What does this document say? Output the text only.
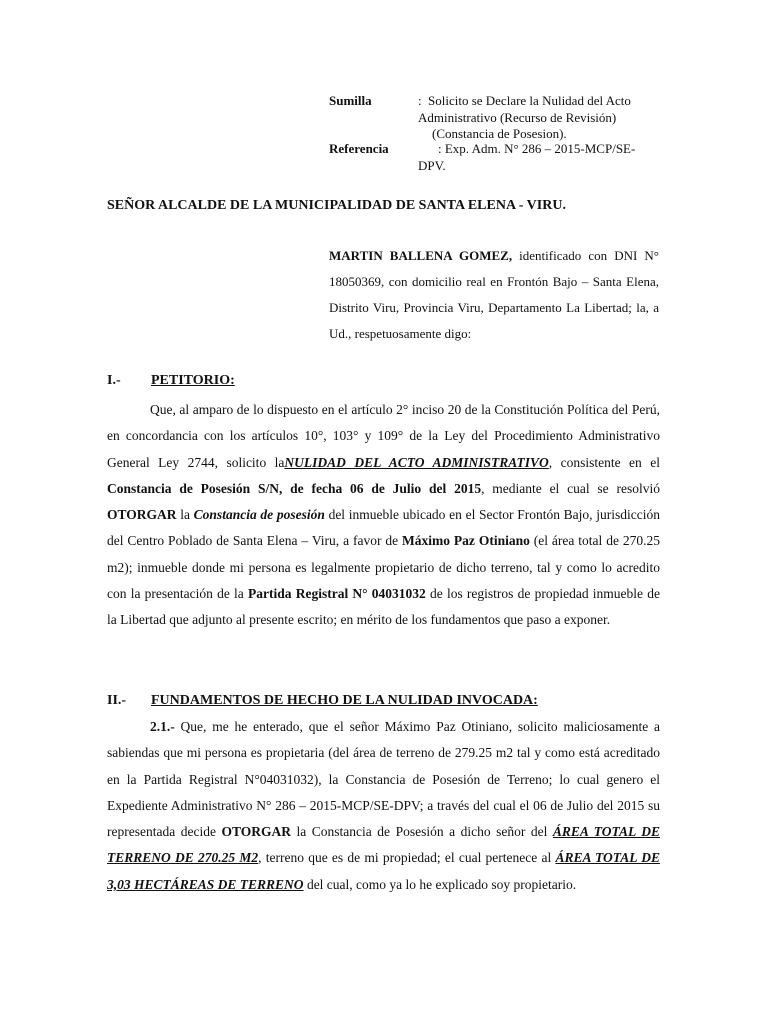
Sumilla	: Solicito se Declare la Nulidad del Acto
Administrativo (Recurso de Revisión)
(Constancia de Posesion).
Referencia	: Exp. Adm. N° 286 – 2015-MCP/SE-
DPV.
SEÑOR ALCALDE DE LA MUNICIPALIDAD DE SANTA ELENA - VIRU.
MARTIN BALLENA GOMEZ, identificado con DNI N° 18050369, con domicilio real en Frontón Bajo – Santa Elena, Distrito Viru, Provincia Viru, Departamento La Libertad; la, a Ud., respetuosamente digo:
I.- PETITORIO:

Que, al amparo de lo dispuesto en el artículo 2° inciso 20 de la Constitución Política del Perú, en concordancia con los artículos 10°, 103° y 109° de la Ley del Procedimiento Administrativo General Ley 2744, solicito laNULIDAD DEL ACTO ADMINISTRATIVO, consistente en el Constancia de Posesión S/N, de fecha 06 de Julio del 2015, mediante el cual se resolvió OTORGAR la Constancia de posesión del inmueble ubicado en el Sector Frontón Bajo, jurisdicción del Centro Poblado de Santa Elena – Viru, a favor de Máximo Paz Otiniano (el área total de 270.25 m2); inmueble donde mi persona es legalmente propietario de dicho terreno, tal y como lo acredito con la presentación de la Partida Registral N° 04031032 de los registros de propiedad inmueble de la Libertad que adjunto al presente escrito; en mérito de los fundamentos que paso a exponer.

II.- FUNDAMENTOS DE HECHO DE LA NULIDAD INVOCADA:

2.1.- Que, me he enterado, que el señor Máximo Paz Otiniano, solicito maliciosamente a sabiendas que mi persona es propietaria (del área de terreno de 279.25 m2 tal y como está acreditado en la Partida Registral N°04031032), la Constancia de Posesión de Terreno; lo cual genero el Expediente Administrativo N° 286 – 2015-MCP/SE-DPV; a través del cual el 06 de Julio del 2015 su representada decide OTORGAR la Constancia de Posesión a dicho señor del ÁREA TOTAL DE TERRENO DE 270.25 M2, terreno que es de mi propiedad; el cual pertenece al ÁREA TOTAL DE 3,03 HECTÁREAS DE TERRENO del cual, como ya lo he explicado soy propietario.
